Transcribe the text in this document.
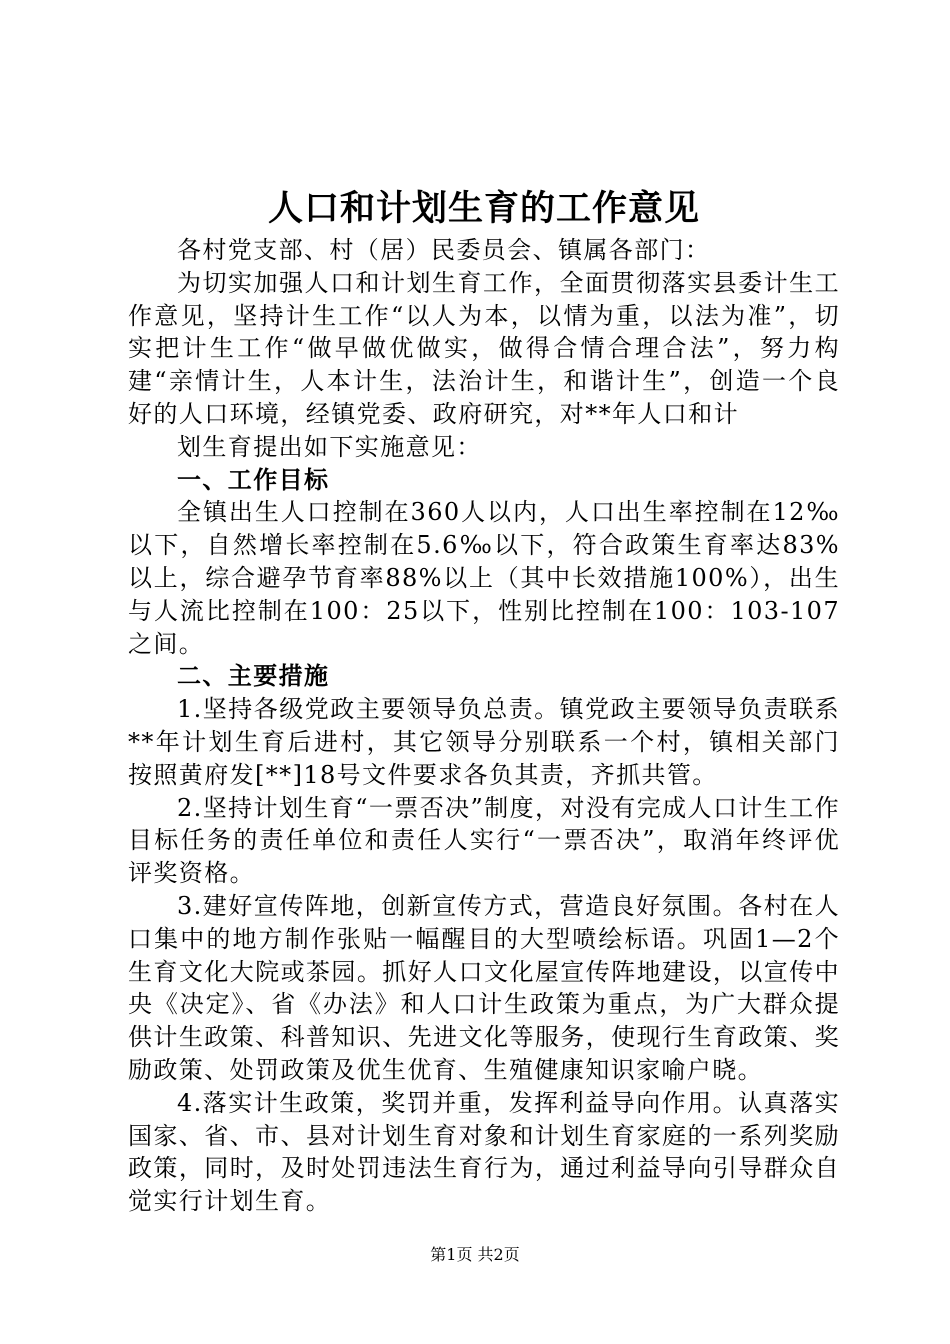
人口和计划生育的工作意见

各村党支部、村（居）民委员会、镇属各部门：

为切实加强人口和计划生育工作，全面贯彻落实县委计生工作意见，坚持计生工作“以人为本，以情为重，以法为准”，切实把计生工作“做早做优做实，做得合情合理合法”，努力构建“亲情计生，人本计生，法治计生，和谐计生”，创造一个良好的人口环境，经镇党委、政府研究，对**年人口和计

划生育提出如下实施意见：

一、工作目标

全镇出生人口控制在360人以内，人口出生率控制在12‰以下，自然增长率控制在5.6‰以下，符合政策生育率达83%以上，综合避孕节育率88%以上（其中长效措施100%），出生与人流比控制在100：25以下，性别比控制在100：103-107之间。

二、主要措施

1.坚持各级党政主要领导负总责。镇党政主要领导负责联系**年计划生育后进村，其它领导分别联系一个村，镇相关部门按照黄府发[**]18号文件要求各负其责，齐抓共管。

2.坚持计划生育“一票否决”制度，对没有完成人口计生工作目标任务的责任单位和责任人实行“一票否决”，取消年终评优评奖资格。

3.建好宣传阵地，创新宣传方式，营造良好氛围。各村在人口集中的地方制作张贴一幅醒目的大型喷绘标语。巩固1—2个生育文化大院或茶园。抓好人口文化屋宣传阵地建设，以宣传中央《决定》、省《办法》和人口计生政策为重点，为广大群众提供计生政策、科普知识、先进文化等服务，使现行生育政策、奖励政策、处罚政策及优生优育、生殖健康知识家喻户晓。

4.落实计生政策，奖罚并重，发挥利益导向作用。认真落实国家、省、市、县对计划生育对象和计划生育家庭的一系列奖励政策，同时，及时处罚违法生育行为，通过利益导向引导群众自觉实行计划生育。

第1页 共2页
